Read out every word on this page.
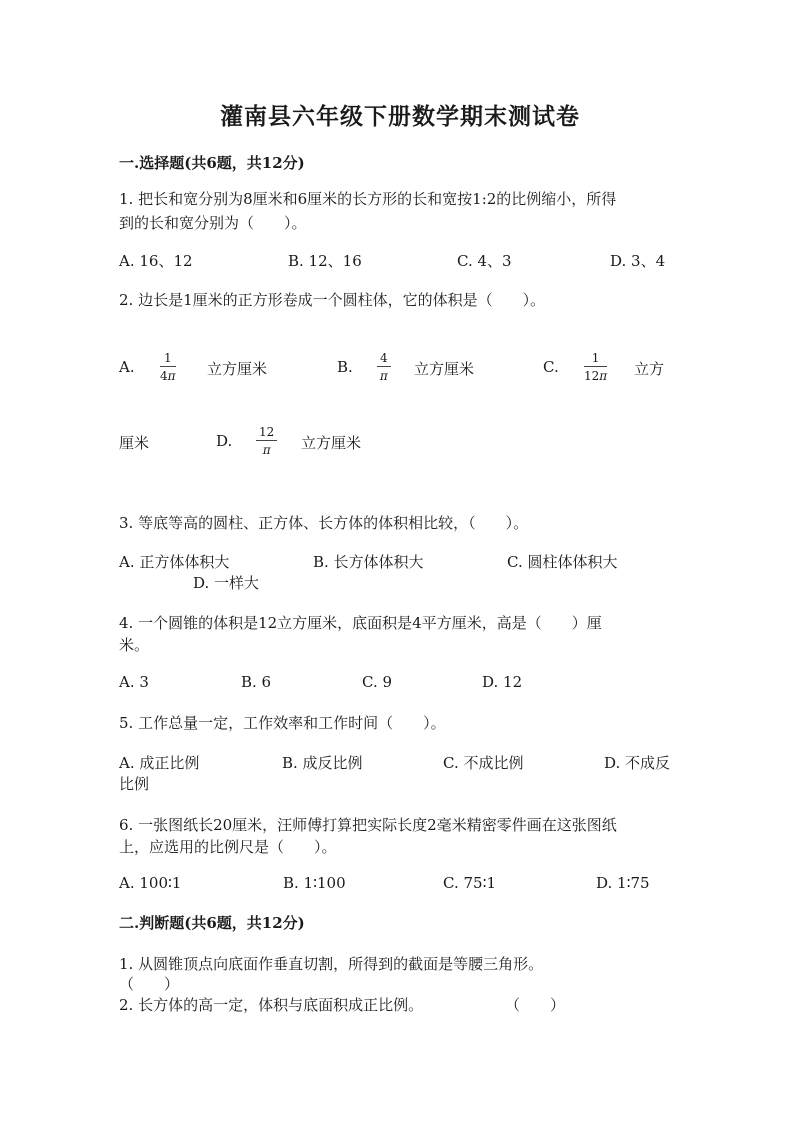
灌南县六年级下册数学期末测试卷
一.选择题(共6题，共12分)
1. 把长和宽分别为8厘米和6厘米的长方形的长和宽按1:2的比例缩小，所得
到的长和宽分别为（　　）。
A. 16、12	B. 12、16	C. 4、3	D. 3、4
2. 边长是1厘米的正方形卷成一个圆柱体，它的体积是（　　）。
A. 1
4π 立方厘米	B. 4
π 立方厘米	C.	1
12π 立方
厘米	D. 12
π 立方厘米
3. 等底等高的圆柱、正方体、长方体的体积相比较，（　　）。
A. 正方体体积大	B. 长方体体积大	C. 圆柱体体积大
D. 一样大
4. 一个圆锥的体积是12立方厘米，底面积是4平方厘米，高是（　　）厘
米。
A. 3	B. 6	C. 9	D. 12
5. 工作总量一定，工作效率和工作时间（　　）。
A. 成正比例	B. 成反比例	C. 不成比例	D. 不成反
比例
6. 一张图纸长20厘米，汪师傅打算把实际长度2毫米精密零件画在这张图纸
上，应选用的比例尺是（　　）。
A. 100∶1	B. 1∶100	C. 75∶1	D. 1∶75
二.判断题(共6题，共12分)
1. 从圆锥顶点向底面作垂直切割，所得到的截面是等腰三角形。
（　　）
2. 长方体的高一定，体积与底面积成正比例。	（　　）
